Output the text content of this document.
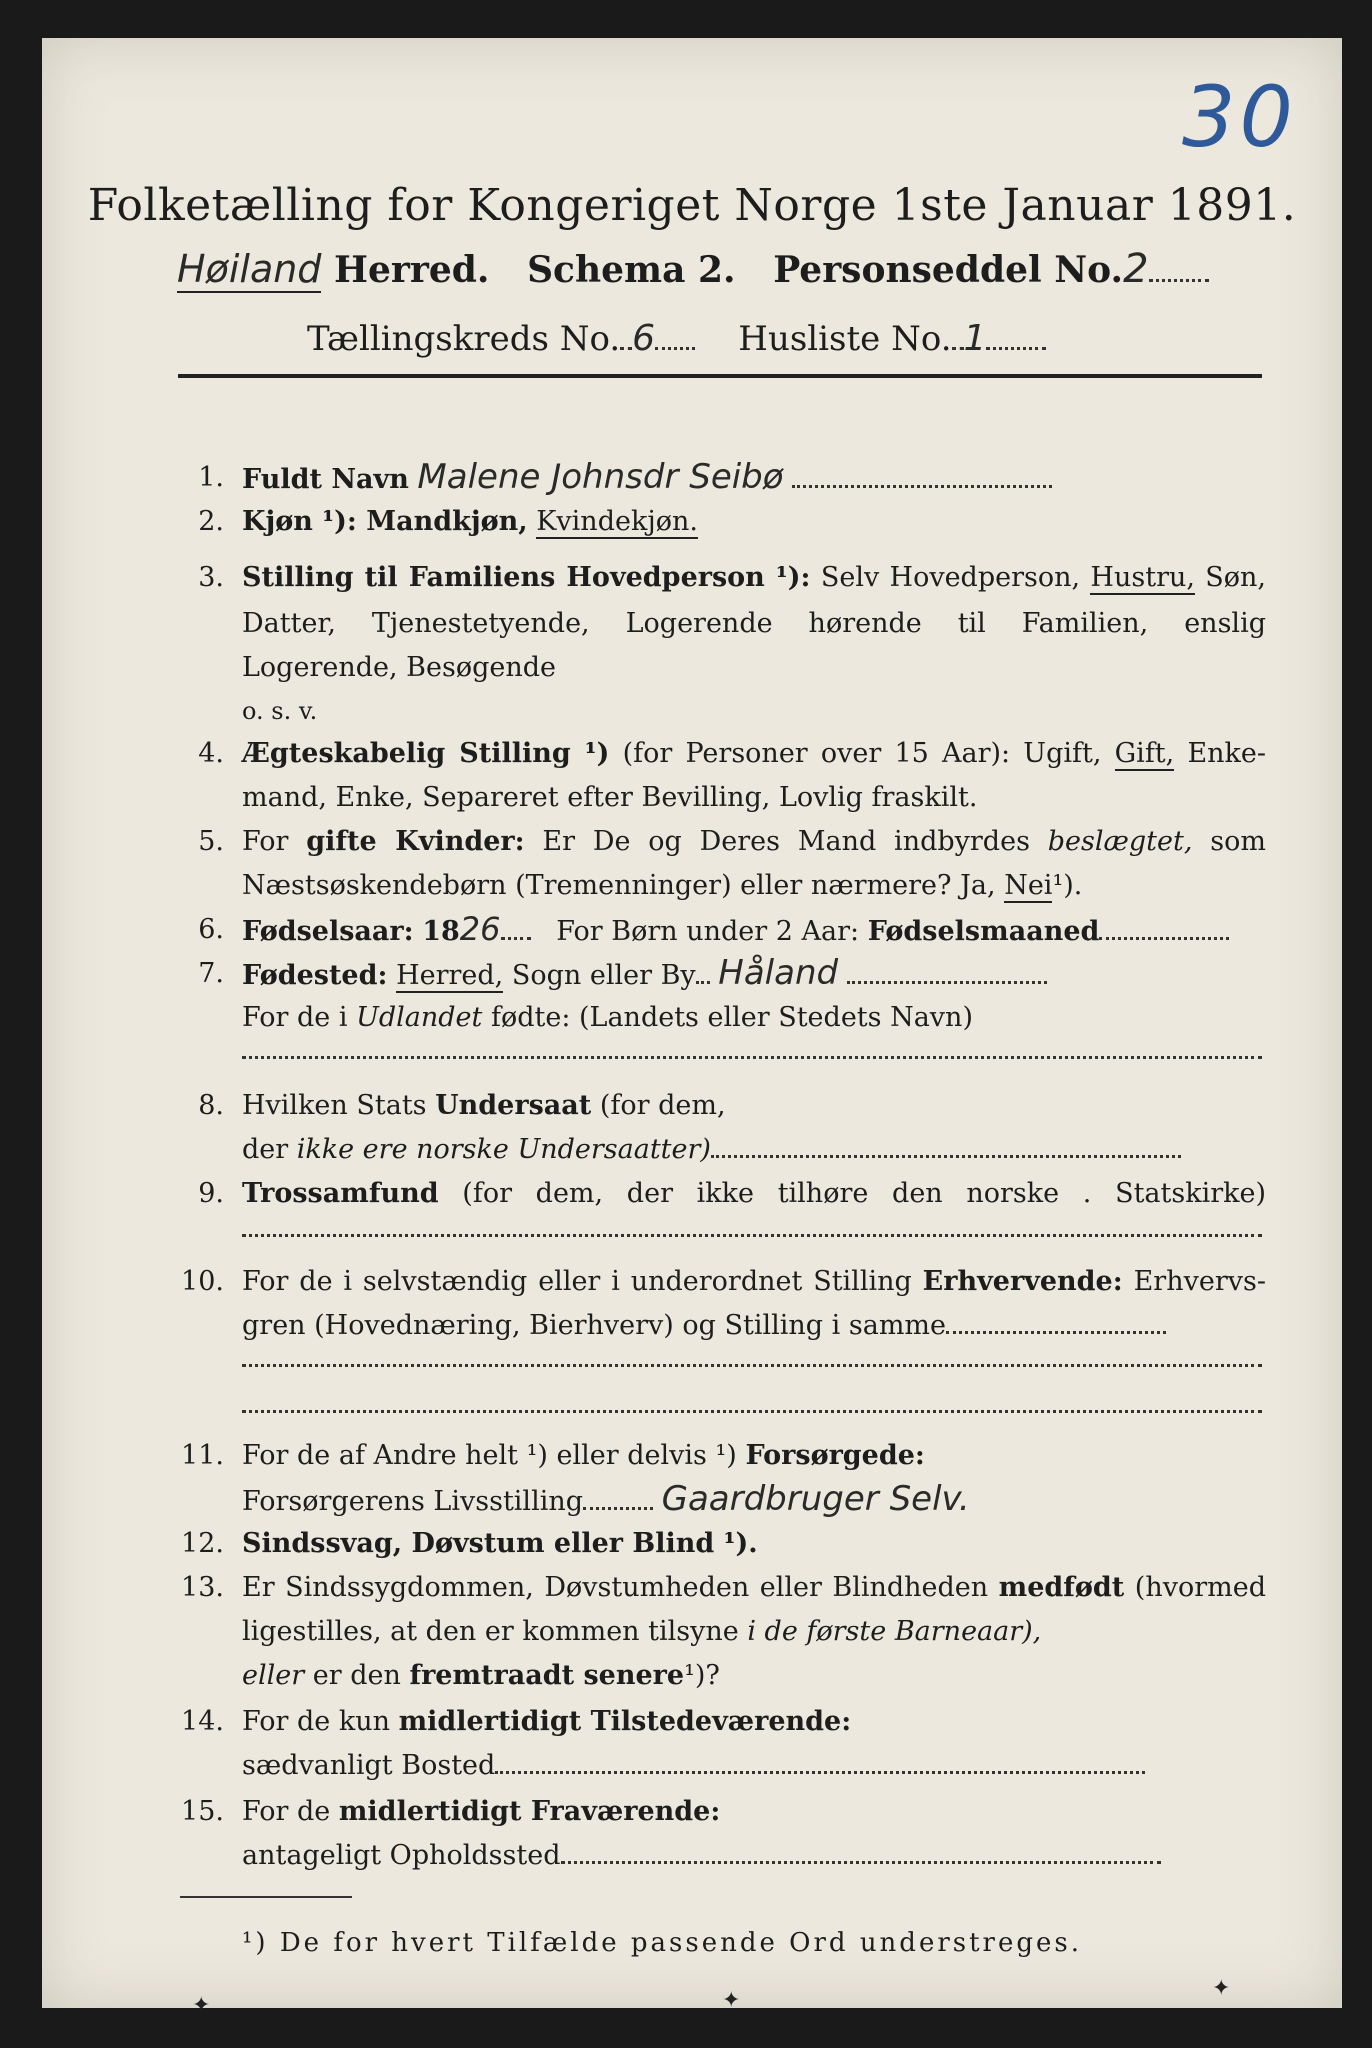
30
Folketælling for Kongeriget Norge 1ste Januar 1891.
Høiland Herred. Schema 2. Personseddel No.2
Tællingskreds No. 6 Husliste No. 1
1. Fuldt Navn Malene Johnsdr Seibø
2. Kjøn ¹): Mandkjøn, Kvindekjøn.
3. Stilling til Familiens Hovedperson ¹): Selv Hovedperson, Hustru, Søn,
Datter, Tjenestetyende, Logerende hørende til Familien, enslig
Logerende, Besøgende
o. s. v.
4. Ægteskabelig Stilling ¹) (for Personer over 15 Aar): Ugift, Gift, Enke-
mand, Enke, Separeret efter Bevilling, Lovlig fraskilt.
5. For gifte Kvinder: Er De og Deres Mand indbyrdes beslægtet, som
Næstsøskendebørn (Tremenninger) eller nærmere? Ja, Nei¹).
6. Fødselsaar: 1826 For Børn under 2 Aar: Fødselsmaaned
7. Fødested: Herred, Sogn eller By Håland
For de i Udlandet fødte: (Landets eller Stedets Navn)
8. Hvilken Stats Undersaat (for dem,
der ikke ere norske Undersaatter)
9. Trossamfund (for dem, der ikke tilhøre den norske . Statskirke)
10. For de i selvstændig eller i underordnet Stilling Erhvervende: Erhvervs-
gren (Hovednæring, Bierhverv) og Stilling i samme
11. For de af Andre helt ¹) eller delvis ¹) Forsørgede:
Forsørgerens Livsstilling Gaardbruger Selv.
12. Sindssvag, Døvstum eller Blind ¹).
13. Er Sindssygdommen, Døvstumheden eller Blindheden medfødt (hvormed
ligestilles, at den er kommen tilsyne i de første Barneaar),
eller er den fremtraadt senere¹)?
14. For de kun midlertidigt Tilstedeværende:
sædvanligt Bosted
15. For de midlertidigt Fraværende:
antageligt Opholdssted
¹) De for hvert Tilfælde passende Ord understreges.
✦	✦	✦
